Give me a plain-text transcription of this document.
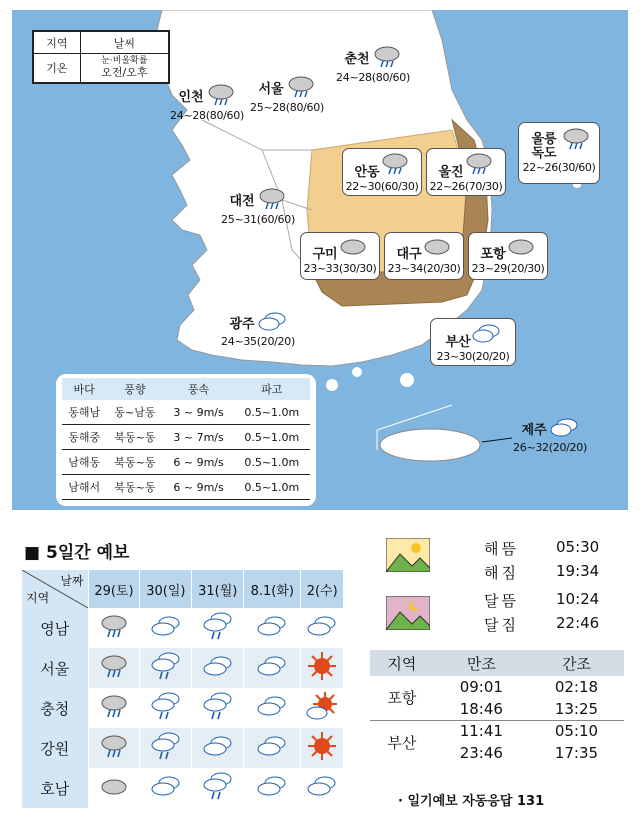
지역	날씨
기온	눈·비올확률
오전/오후
춘천
24~28(80/60)
인천
24~28(80/60)
서울
25~28(80/60)
울릉 독도
22~26(30/60)
대전
25~31(60/60)
안동
22~30(60/30)
울진
22~26(70/30)
구미
23~33(30/30)
대구
23~34(20/30)
포항
23~29(20/30)
광주
24~35(20/20)	부산
23~30(20/20)
제주
26~32(20/20)
바다	풍향	풍속	파고
동해남	동~남동	3 ~ 9m/s	0.5~1.0m
동해중	북동~동	3 ~ 7m/s	0.5~1.0m
남해동	북동~동	6 ~ 9m/s	0.5~1.0m
남해서	북동~동	6 ~ 9m/s	0.5~1.0m
■ 5일간 예보
날짜
지역	29(토)	30(일)	31(월)	8.1(화)	2(수)
영남					
서울					
충청					
강원					
호남					
해뜸 05:30
해짐 19:34
달뜸 10:24
달짐 22:46
지역	만조	간조
포항	09:01	02:18
	18:46	13:25
부산	11:41	05:10
	23:46	17:35
· 일기예보 자동응답 131
